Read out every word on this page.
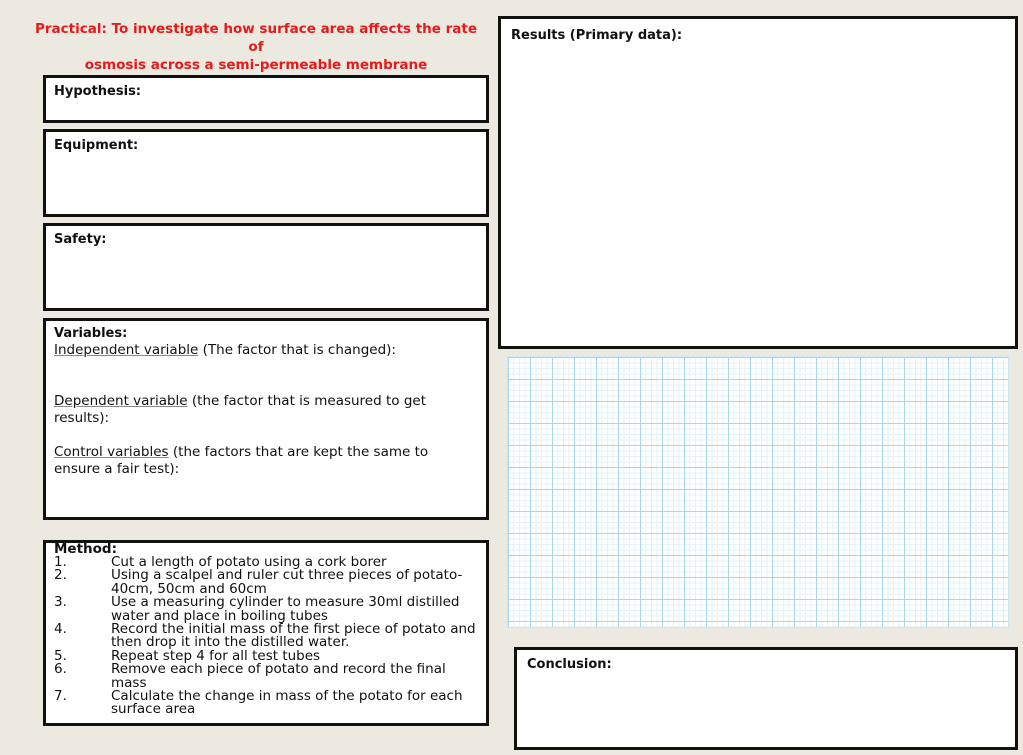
Practical: To investigate how surface area affects the rate of
osmosis across a semi-permeable membrane
Hypothesis:
Equipment:
Safety:
Variables:
Independent variable (The factor that is changed):
Dependent variable (the factor that is measured to get results):
Control variables (the factors that are kept the same to ensure a fair test):
Method:
1.	Cut a length of potato using a cork borer
2.	Using a scalpel and ruler cut three pieces of potato- 40cm, 50cm and 60cm
3.	Use a measuring cylinder to measure 30ml distilled water and place in boiling tubes
4.	Record the initial mass of the first piece of potato and then drop it into the distilled water.
5.	Repeat step 4 for all test tubes
6.	Remove each piece of potato and record the final mass
7.	Calculate the change in mass of the potato for each surface area
Results (Primary data):
Conclusion:
